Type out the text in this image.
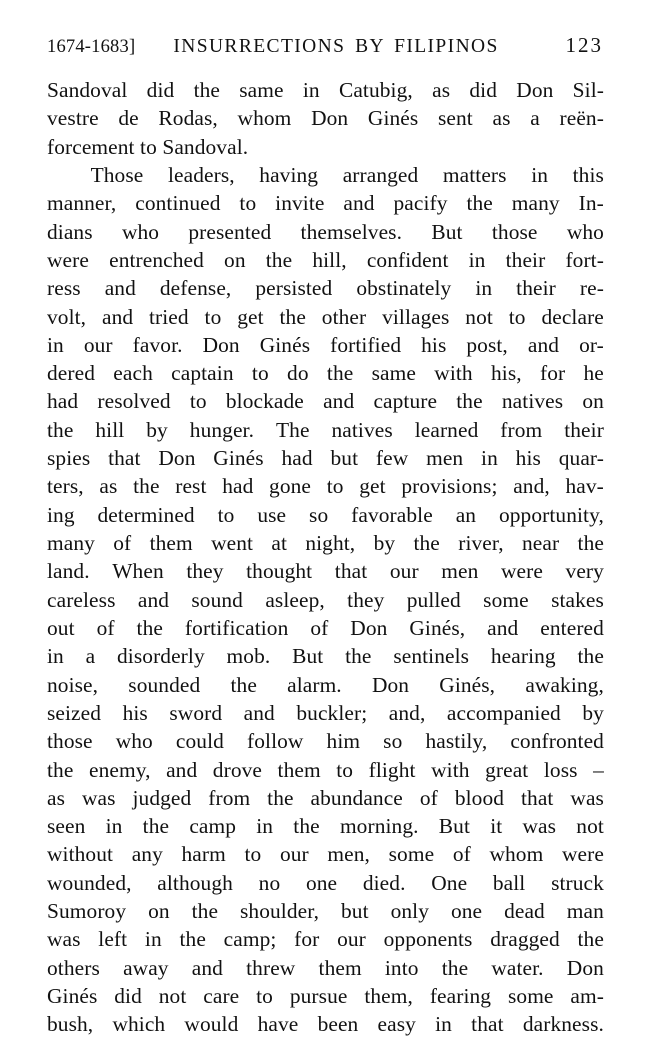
1674-1683]	INSURRECTIONS BY FILIPINOS	123
Sandoval did the same in Catubig, as did Don Sil-
vestre de Rodas, whom Don Ginés sent as a reën-
forcement to Sandoval.
Those leaders, having arranged matters in this
manner, continued to invite and pacify the many In-
dians who presented themselves. But those who
were entrenched on the hill, confident in their fort-
ress and defense, persisted obstinately in their re-
volt, and tried to get the other villages not to declare
in our favor. Don Ginés fortified his post, and or-
dered each captain to do the same with his, for he
had resolved to blockade and capture the natives on
the hill by hunger. The natives learned from their
spies that Don Ginés had but few men in his quar-
ters, as the rest had gone to get provisions; and, hav-
ing determined to use so favorable an opportunity,
many of them went at night, by the river, near the
land. When they thought that our men were very
careless and sound asleep, they pulled some stakes
out of the fortification of Don Ginés, and entered
in a disorderly mob. But the sentinels hearing the
noise, sounded the alarm. Don Ginés, awaking,
seized his sword and buckler; and, accompanied by
those who could follow him so hastily, confronted
the enemy, and drove them to flight with great loss –
as was judged from the abundance of blood that was
seen in the camp in the morning. But it was not
without any harm to our men, some of whom were
wounded, although no one died. One ball struck
Sumoroy on the shoulder, but only one dead man
was left in the camp; for our opponents dragged the
others away and threw them into the water. Don
Ginés did not care to pursue them, fearing some am-
bush, which would have been easy in that darkness.
